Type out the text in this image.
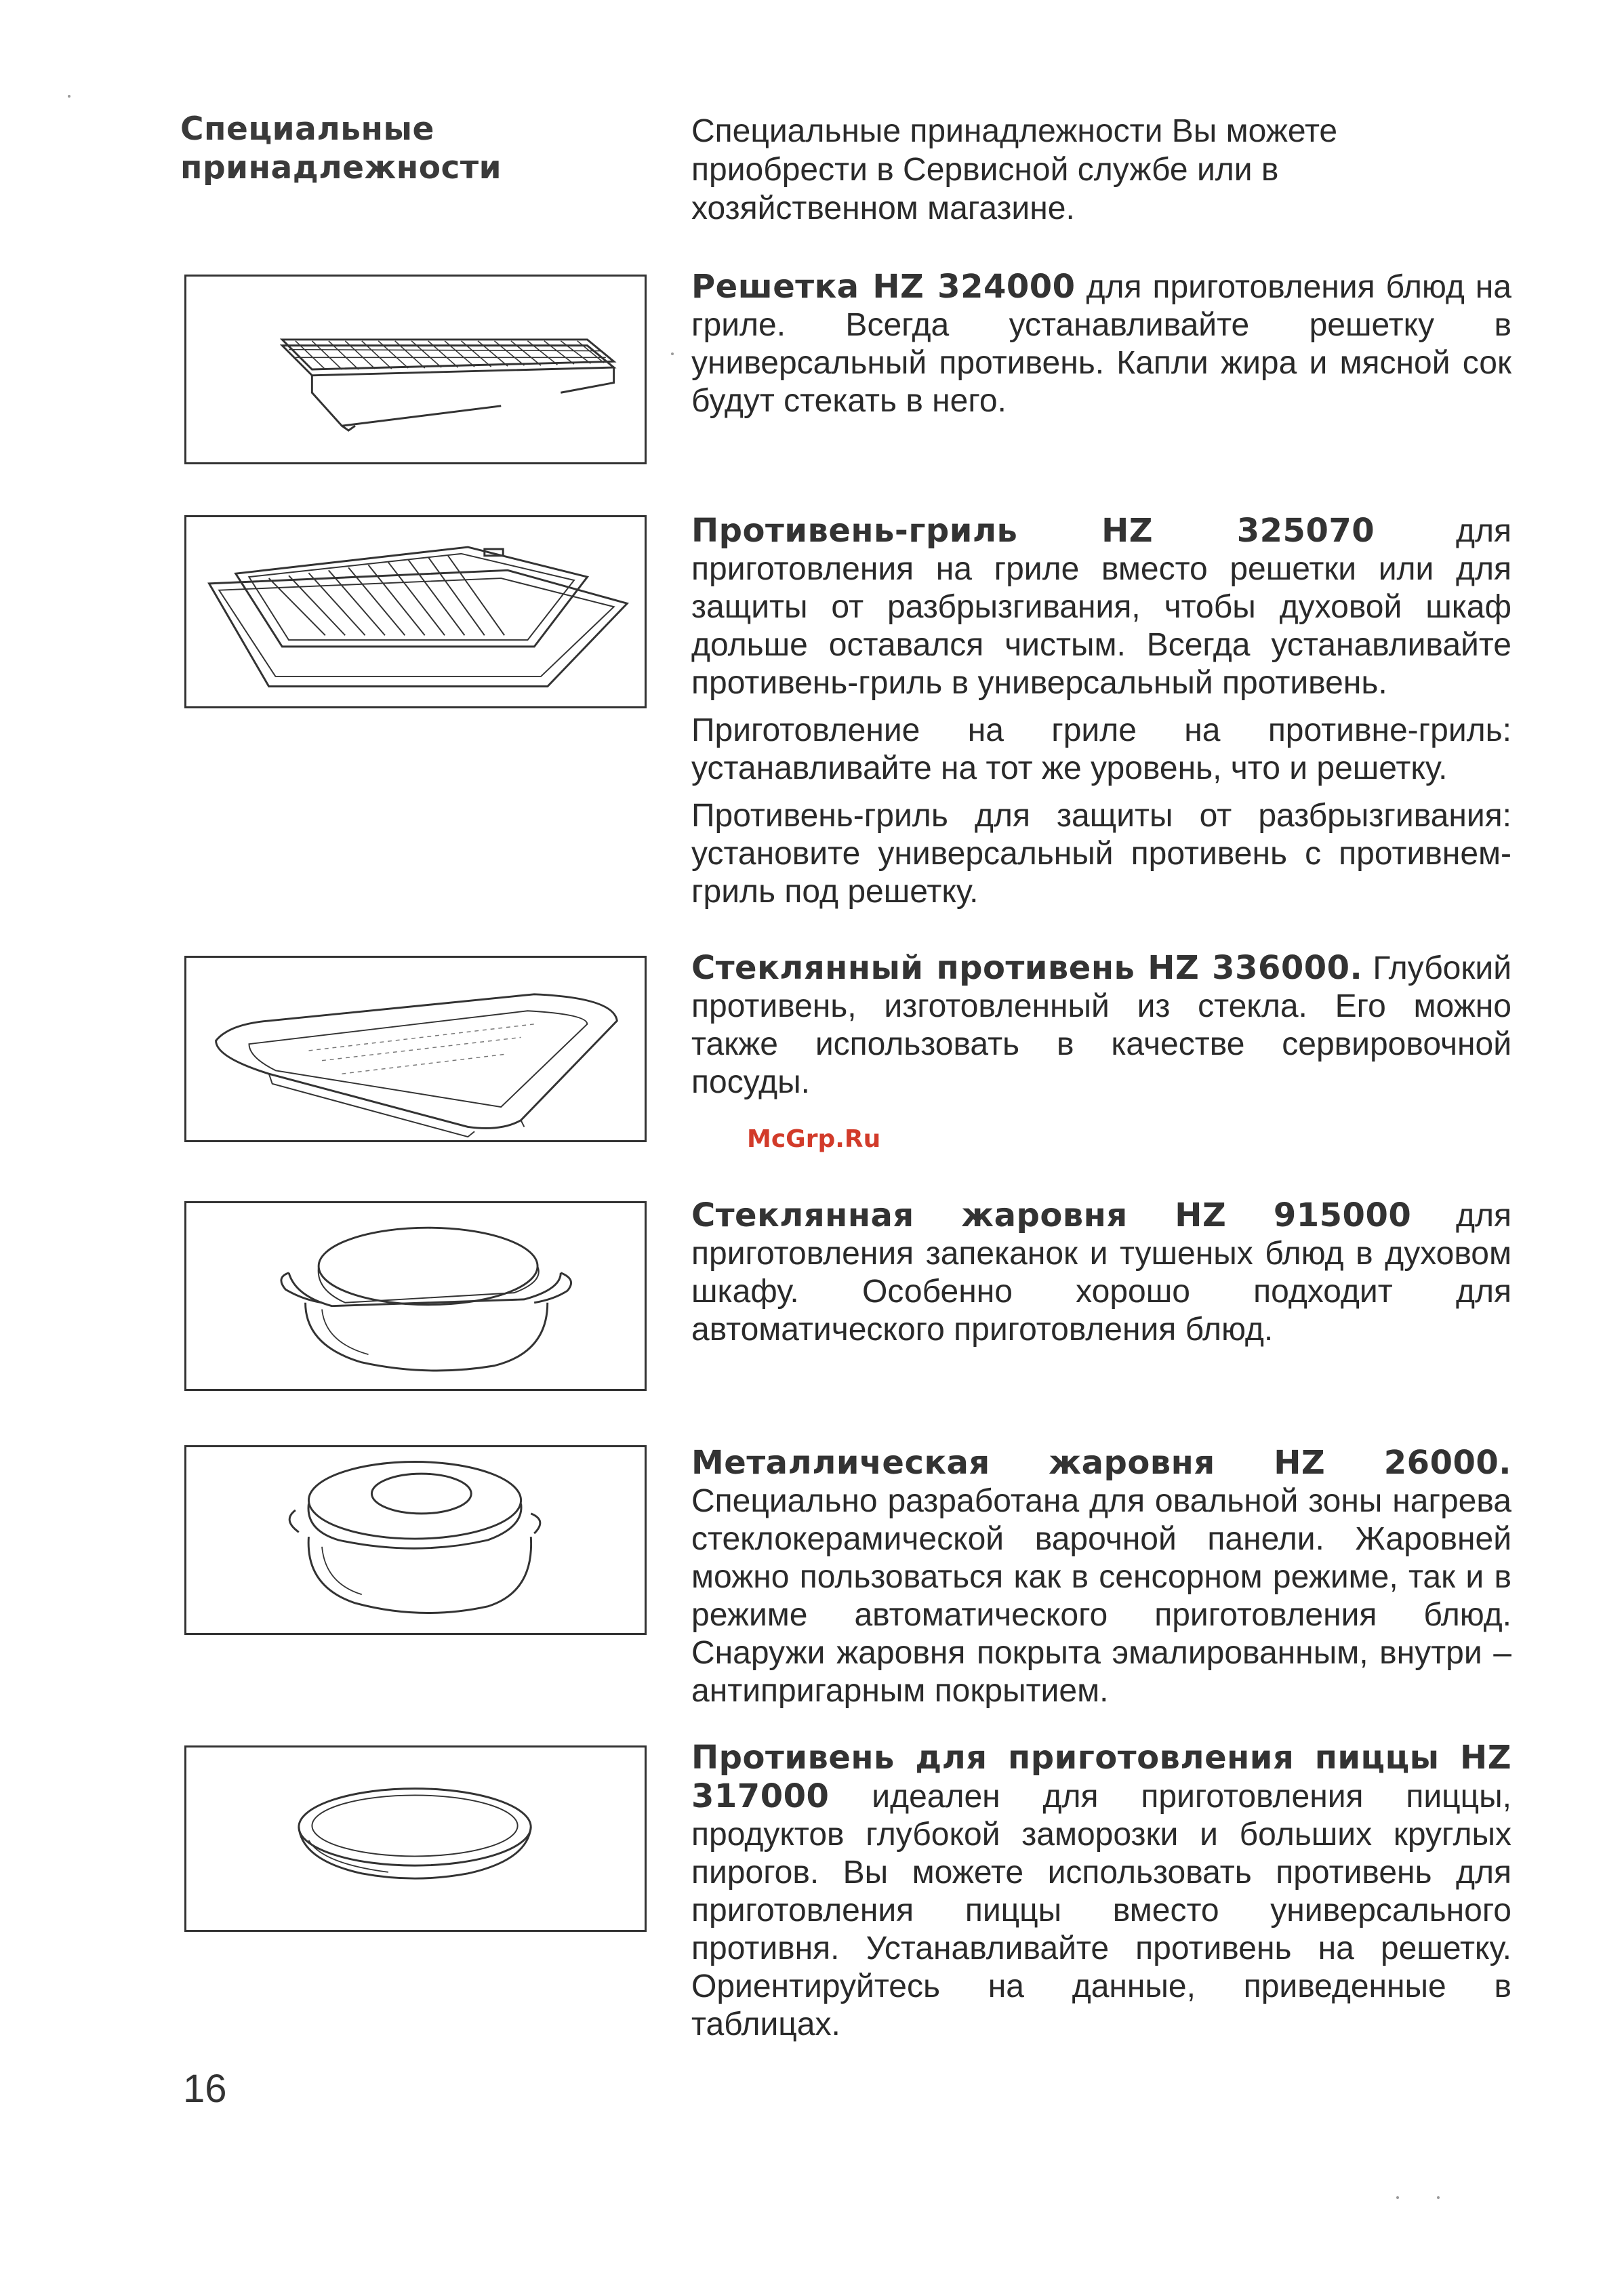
Специальные
принадлежности
Специальные принадлежности Вы можете приобрести в Сервисной службе или в хозяйственном магазине.

Решетка HZ 324000 для приготовления блюд на гриле. Всегда устанавливайте решетку в универсальный противень. Капли жира и мясной сок будут стекать в него.

Противень-гриль HZ 325070 для приготовления на гриле вместо решетки или для защиты от разбрызгивания, чтобы духовой шкаф дольше оставался чистым. Всегда устанавливайте противень-гриль в универсальный противень.

Приготовление на гриле на противне-гриль: устанавливайте на тот же уровень, что и решетку.

Противень-гриль для защиты от разбрызгивания: установите универсальный противень с противнем-гриль под решетку.

Стеклянный противень HZ 336000. Глубокий противень, изготовленный из стекла. Его можно также использовать в качестве сервировочной посуды.

Стеклянная жаровня HZ 915000 для приготовления запеканок и тушеных блюд в духовом шкафу. Особенно хорошо подходит для автоматического приготовления блюд.

Металлическая жаровня HZ 26000. Специально разработана для овальной зоны нагрева стеклокерамической варочной панели. Жаровней можно пользоваться как в сенсорном режиме, так и в режиме автоматического приготовления блюд. Снаружи жаровня покрыта эмалированным, внутри – антипригарным покрытием.

Противень для приготовления пиццы HZ 317000 идеален для приготовления пиццы, продуктов глубокой заморозки и больших круглых пирогов. Вы можете использовать противень для приготовления пиццы вместо универсального противня. Устанавливайте противень на решетку. Ориентируйтесь на данные, приведенные в таблицах.

McGrp.Ru
16
